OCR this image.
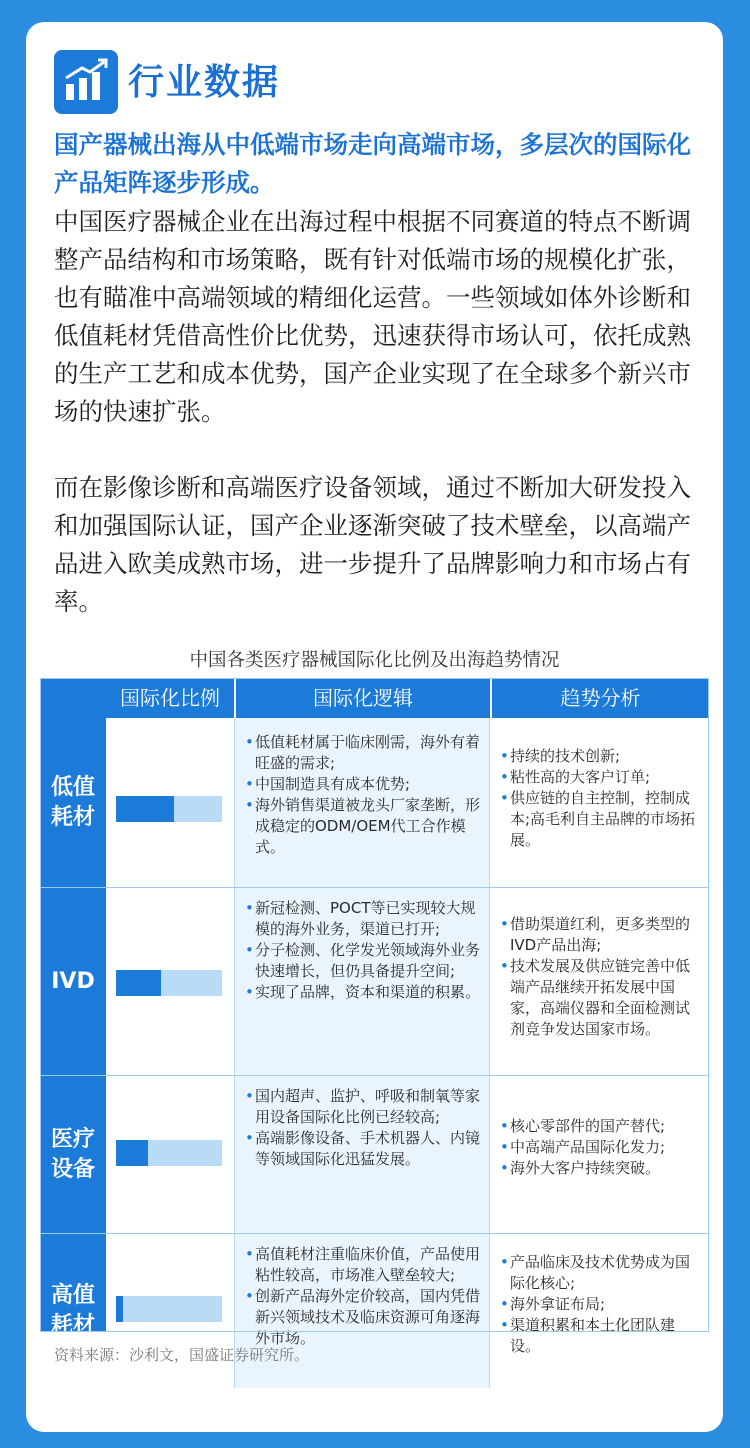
行业数据
国产器械出海从中低端市场走向高端市场，多层次的国际化产品矩阵逐步形成。
中国医疗器械企业在出海过程中根据不同赛道的特点不断调整产品结构和市场策略，既有针对低端市场的规模化扩张，也有瞄准中高端领域的精细化运营。一些领域如体外诊断和低值耗材凭借高性价比优势，迅速获得市场认可，依托成熟的生产工艺和成本优势，国产企业实现了在全球多个新兴市场的快速扩张。
而在影像诊断和高端医疗设备领域，通过不断加大研发投入和加强国际认证，国产企业逐渐突破了技术壁垒，以高端产品进入欧美成熟市场，进一步提升了品牌影响力和市场占有率。
中国各类医疗器械国际化比例及出海趋势情况
国际化比例	国际化逻辑	趋势分析
低值
耗材
• 低值耗材属于临床刚需，海外有着旺盛的需求;
• 中国制造具有成本优势;
• 海外销售渠道被龙头厂家垄断，形成稳定的ODM/OEM代工合作模式。
• 持续的技术创新;
• 粘性高的大客户订单;
• 供应链的自主控制，控制成本;高毛利自主品牌的市场拓展。
IVD
• 新冠检测、POCT等已实现较大规模的海外业务，渠道已打开;
• 分子检测、化学发光领域海外业务快速增长，但仍具备提升空间;
• 实现了品牌，资本和渠道的积累。
• 借助渠道红利，更多类型的IVD产品出海;
• 技术发展及供应链完善中低端产品继续开拓发展中国家，高端仪器和全面检测试剂竞争发达国家市场。
医疗
设备
• 国内超声、监护、呼吸和制氧等家用设备国际化比例已经较高;
• 高端影像设备、手术机器人、内镜等领域国际化迅猛发展。
• 核心零部件的国产替代;
• 中高端产品国际化发力;
• 海外大客户持续突破。
高值
耗材
• 高值耗材注重临床价值，产品使用粘性较高，市场准入壁垒较大;
• 创新产品海外定价较高，国内凭借新兴领域技术及临床资源可角逐海外市场。
• 产品临床及技术优势成为国际化核心;
• 海外拿证布局;
• 渠道积累和本土化团队建设。
资料来源：沙利文，国盛证券研究所。
